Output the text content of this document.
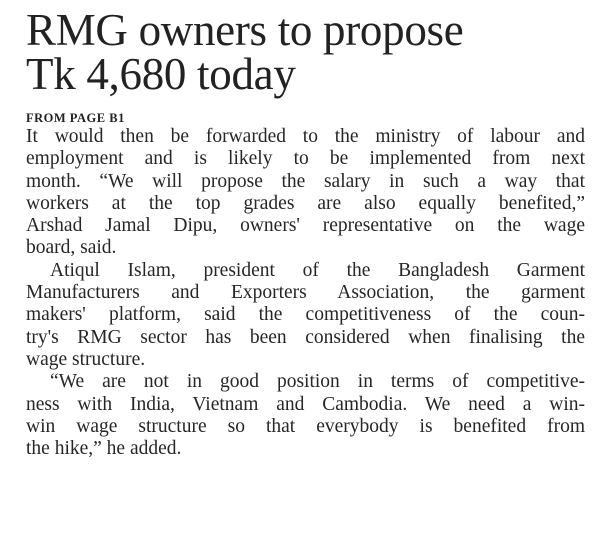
RMG owners to propose
Tk 4,680 today
FROM PAGE B1

It would then be forwarded to the ministry of labour and
employment and is likely to be implemented from next
month. “We will propose the salary in such a way that
workers at the top grades are also equally benefited,”
Arshad Jamal Dipu, owners' representative on the wage
board, said.

Atiqul Islam, president of the Bangladesh Garment
Manufacturers and Exporters Association, the garment
makers' platform, said the competitiveness of the coun-
try's RMG sector has been considered when finalising the
wage structure.

“We are not in good position in terms of competitive-
ness with India, Vietnam and Cambodia. We need a win-
win wage structure so that everybody is benefited from
the hike,” he added.
